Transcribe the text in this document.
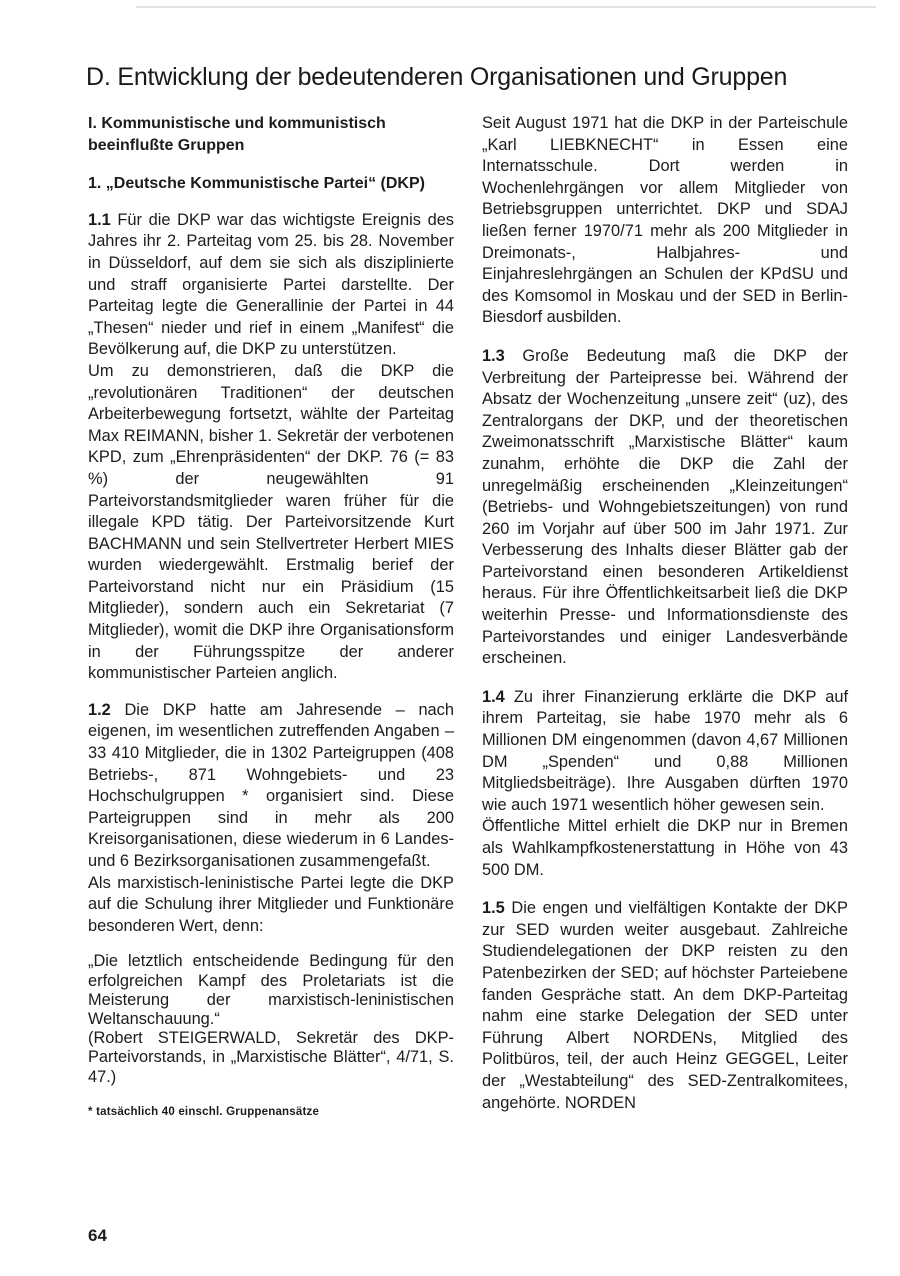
D. Entwicklung der bedeutenderen Organisationen und Gruppen

I. Kommunistische und kommunistisch

beeinflußte Gruppen

1. „Deutsche Kommunistische Partei“ (DKP)

1.1 Für die DKP war das wichtigste Ereignis des Jahres ihr 2. Parteitag vom 25. bis 28. November in Düsseldorf, auf dem sie sich als disziplinierte und straff organisierte Partei darstellte. Der Parteitag legte die Generallinie der Partei in 44 „Thesen“ nieder und rief in einem „Manifest“ die Bevölkerung auf, die DKP zu unterstützen.

Um zu demonstrieren, daß die DKP die „revolutionären Traditionen“ der deutschen Arbeiterbewegung fortsetzt, wählte der Parteitag Max REIMANN, bisher 1. Sekretär der verbotenen KPD, zum „Ehrenpräsidenten“ der DKP. 76 (= 83 %) der neugewählten 91 Parteivorstandsmitglieder waren früher für die illegale KPD tätig. Der Parteivorsitzende Kurt BACHMANN und sein Stellvertreter Herbert MIES wurden wiedergewählt. Erstmalig berief der Parteivorstand nicht nur ein Präsidium (15 Mitglieder), sondern auch ein Sekretariat (7 Mitglieder), womit die DKP ihre Organisationsform in der Führungsspitze der anderer kommunistischer Parteien anglich.

1.2 Die DKP hatte am Jahresende – nach eigenen, im wesentlichen zutreffenden Angaben – 33 410 Mitglieder, die in 1302 Parteigruppen (408 Betriebs-, 871 Wohngebiets- und 23 Hochschulgruppen * organisiert sind. Diese Parteigruppen sind in mehr als 200 Kreisorganisationen, diese wiederum in 6 Landes- und 6 Bezirksorganisationen zusammengefaßt.

Als marxistisch-leninistische Partei legte die DKP auf die Schulung ihrer Mitglieder und Funktionäre besonderen Wert, denn:

„Die letztlich entscheidende Bedingung für den erfolgreichen Kampf des Proletariats ist die Meisterung der marxistisch-leninistischen Weltanschauung.“

(Robert STEIGERWALD, Sekretär des DKP-Parteivorstands, in „Marxistische Blätter“, 4/71, S. 47.)

* tatsächlich 40 einschl. Gruppenansätze

Seit August 1971 hat die DKP in der Parteischule „Karl LIEBKNECHT“ in Essen eine Internatsschule. Dort werden in Wochenlehrgängen vor allem Mitglieder von Betriebsgruppen unterrichtet. DKP und SDAJ ließen ferner 1970/71 mehr als 200 Mitglieder in Dreimonats-, Halbjahres- und Einjahreslehrgängen an Schulen der KPdSU und des Komsomol in Moskau und der SED in Berlin-Biesdorf ausbilden.

1.3 Große Bedeutung maß die DKP der Verbreitung der Parteipresse bei. Während der Absatz der Wochenzeitung „unsere zeit“ (uz), des Zentralorgans der DKP, und der theoretischen Zweimonatsschrift „Marxistische Blätter“ kaum zunahm, erhöhte die DKP die Zahl der unregelmäßig erscheinenden „Kleinzeitungen“ (Betriebs- und Wohngebietszeitungen) von rund 260 im Vorjahr auf über 500 im Jahr 1971. Zur Verbesserung des Inhalts dieser Blätter gab der Parteivorstand einen besonderen Artikeldienst heraus. Für ihre Öffentlichkeitsarbeit ließ die DKP weiterhin Presse- und Informationsdienste des Parteivorstandes und einiger Landesverbände erscheinen.

1.4 Zu ihrer Finanzierung erklärte die DKP auf ihrem Parteitag, sie habe 1970 mehr als 6 Millionen DM eingenommen (davon 4,67 Millionen DM „Spenden“ und 0,88 Millionen Mitgliedsbeiträge). Ihre Ausgaben dürften 1970 wie auch 1971 wesentlich höher gewesen sein.

Öffentliche Mittel erhielt die DKP nur in Bremen als Wahlkampfkostenerstattung in Höhe von 43 500 DM.

1.5 Die engen und vielfältigen Kontakte der DKP zur SED wurden weiter ausgebaut. Zahlreiche Studiendelegationen der DKP reisten zu den Patenbezirken der SED; auf höchster Parteiebene fanden Gespräche statt. An dem DKP-Parteitag nahm eine starke Delegation der SED unter Führung Albert NORDENs, Mitglied des Politbüros, teil, der auch Heinz GEGGEL, Leiter der „Westabteilung“ des SED-Zentralkomitees, angehörte. NORDEN

64
